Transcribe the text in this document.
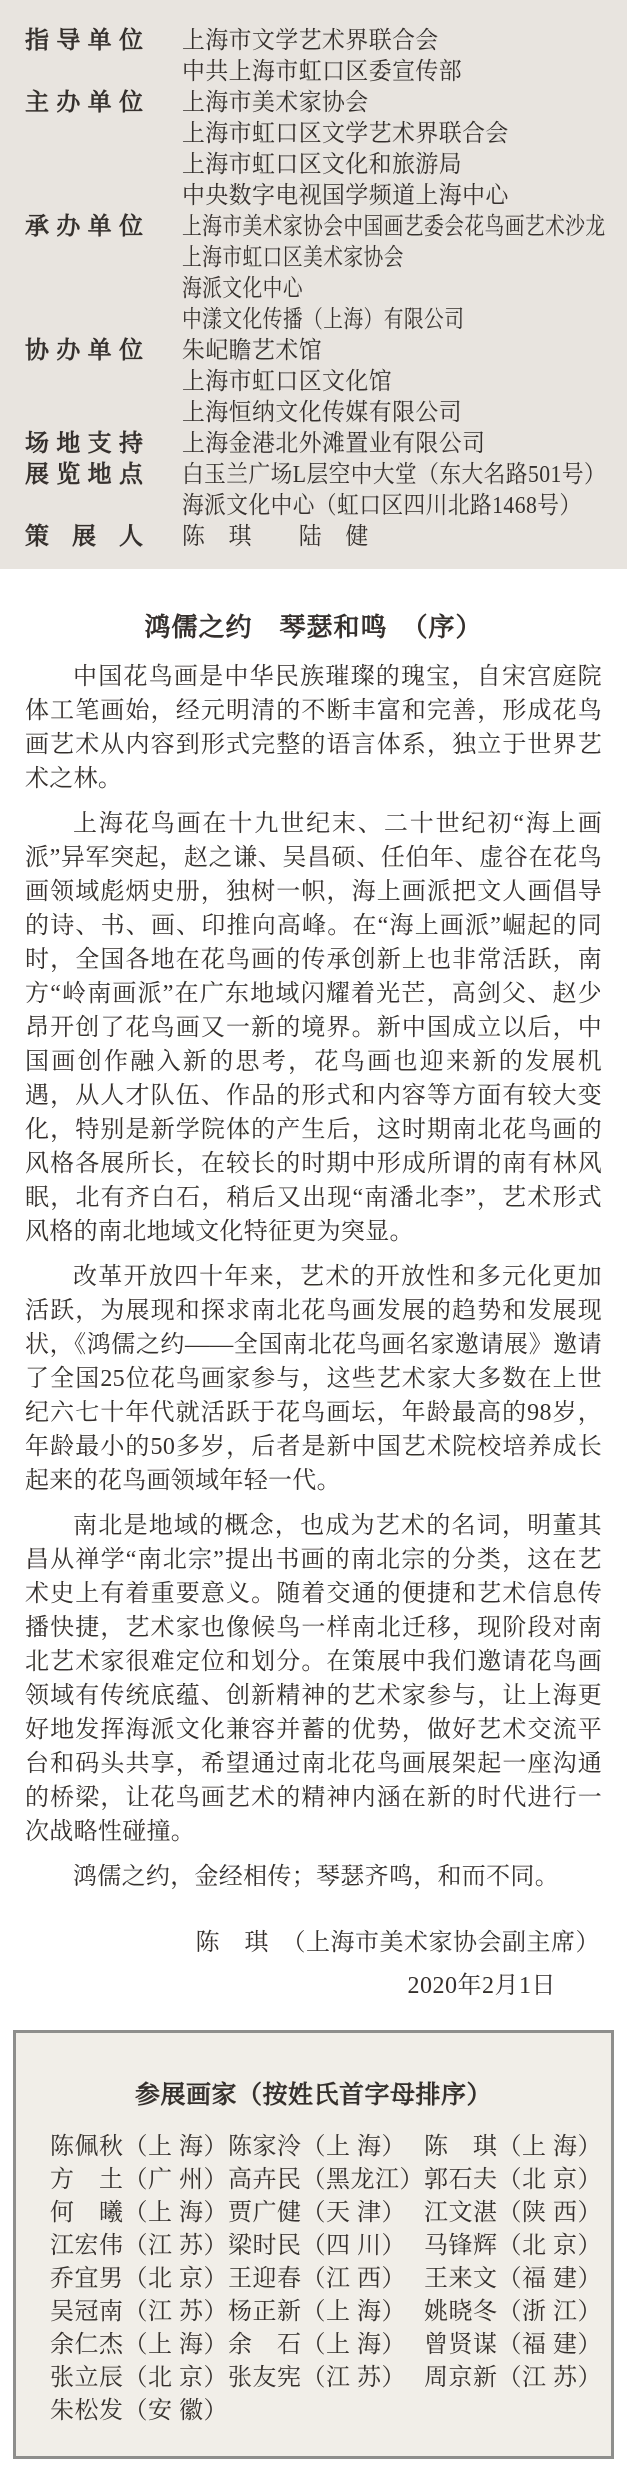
指导单位 上海市文学艺术界联合会
中共上海市虹口区委宣传部
主办单位 上海市美术家协会
上海市虹口区文学艺术界联合会
上海市虹口区文化和旅游局
中央数字电视国学频道上海中心
承办单位 上海市美术家协会中国画艺委会花鸟画艺术沙龙
上海市虹口区美术家协会
海派文化中心
中漾文化传播（上海）有限公司
协办单位 朱屺瞻艺术馆
上海市虹口区文化馆
上海恒纳文化传媒有限公司
场地支持 上海金港北外滩置业有限公司
展览地点 白玉兰广场L层空中大堂（东大名路501号）
海派文化中心（虹口区四川北路1468号）
策展人 陈　琪　　陆　健
鸿儒之约　琴瑟和鸣　（序）

中国花鸟画是中华民族璀璨的瑰宝，自宋宫庭院体工笔画始，经元明清的不断丰富和完善，形成花鸟画艺术从内容到形式完整的语言体系，独立于世界艺术之林。

上海花鸟画在十九世纪末、二十世纪初“海上画派”异军突起，赵之谦、吴昌硕、任伯年、虚谷在花鸟画领域彪炳史册，独树一帜，海上画派把文人画倡导的诗、书、画、印推向高峰。在“海上画派”崛起的同时，全国各地在花鸟画的传承创新上也非常活跃，南方“岭南画派”在广东地域闪耀着光芒，高剑父、赵少昂开创了花鸟画又一新的境界。新中国成立以后，中国画创作融入新的思考，花鸟画也迎来新的发展机遇，从人才队伍、作品的形式和内容等方面有较大变化，特别是新学院体的产生后，这时期南北花鸟画的风格各展所长，在较长的时期中形成所谓的南有林风眠，北有齐白石，稍后又出现“南潘北李”，艺术形式风格的南北地域文化特征更为突显。

改革开放四十年来，艺术的开放性和多元化更加活跃，为展现和探求南北花鸟画发展的趋势和发展现状，《鸿儒之约——全国南北花鸟画名家邀请展》邀请了全国25位花鸟画家参与，这些艺术家大多数在上世纪六七十年代就活跃于花鸟画坛，年龄最高的98岁，年龄最小的50多岁，后者是新中国艺术院校培养成长起来的花鸟画领域年轻一代。

南北是地域的概念，也成为艺术的名词，明董其昌从禅学“南北宗”提出书画的南北宗的分类，这在艺术史上有着重要意义。随着交通的便捷和艺术信息传播快捷，艺术家也像候鸟一样南北迁移，现阶段对南北艺术家很难定位和划分。在策展中我们邀请花鸟画领域有传统底蕴、创新精神的艺术家参与，让上海更好地发挥海派文化兼容并蓄的优势，做好艺术交流平台和码头共享，希望通过南北花鸟画展架起一座沟通的桥梁，让花鸟画艺术的精神内涵在新的时代进行一次战略性碰撞。

鸿儒之约，金经相传；琴瑟齐鸣，和而不同。

陈　琪　（上海市美术家协会副主席）
2020年2月1日
参展画家（按姓氏首字母排序）
陈佩秋（上 海） 陈家泠（上 海） 陈　琪（上 海）
方　土（广 州） 高卉民（黑龙江） 郭石夫（北 京）
何　曦（上 海） 贾广健（天 津） 江文湛（陕 西）
江宏伟（江 苏） 梁时民（四 川） 马锋辉（北 京）
乔宜男（北 京） 王迎春（江 西） 王来文（福 建）
吴冠南（江 苏） 杨正新（上 海） 姚晓冬（浙 江）
余仁杰（上 海） 余　石（上 海） 曾贤谋（福 建）
张立辰（北 京） 张友宪（江 苏） 周京新（江 苏）
朱松发（安 徽）
